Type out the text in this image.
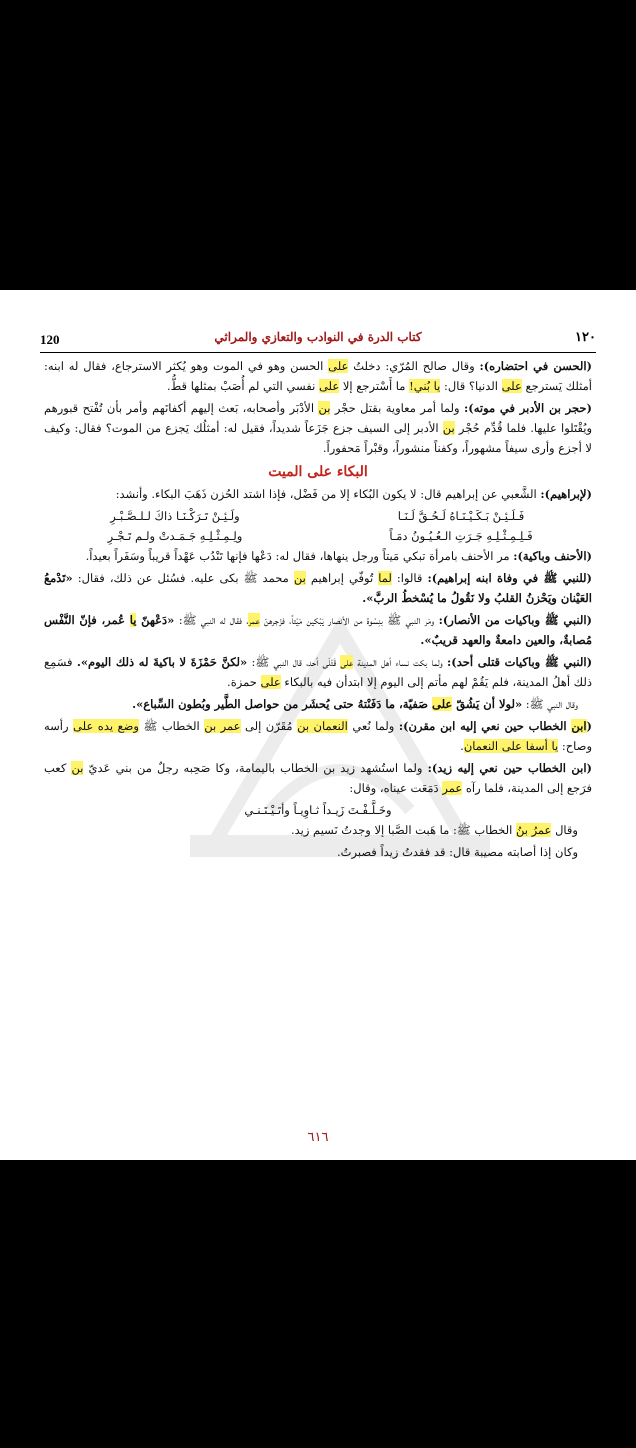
120	كتاب الدرة في النوادب والتعازي والمراثي	١٢٠

(الحسن في احتضاره): وقال صالح المُرّي: دخلتُ على الحسن وهو في الموت وهو يُكثر الاسترجاع، فقال له ابنه: أمثلك يَسترجع على الدنيا؟ قال: يا بُني! ما أَسْترجع إلا على نفسي التي لم أُصَبْ بمثلها قطُّ.

(حجر بن الأدبر في موته): ولما أمر معاوية بقتل حجْر بن الأدْبَر وأصحابه، بَعث إليهم أكفانَهم وأمر بأن تُفْتح قبورهم ويُقْتَلوا عليها. فلما قُدِّم حُجْر بن الأدبر إلى السيف جزع جَزَعاً شديداً، فقيل له: أمثلُك يَجزع من الموت؟ فقال: وكيف لا أجزع وأرى سيفاً مشهوراً، وكفناً منشوراً، وقبْراً مَحفوراً.

البكاء على الميت

(لإبراهيم): الشَّعبي عن إبراهيم قال: لا يكون البُكاء إلا من فَضْل، فإذا اشتد الحُزن ذَهَبَ البكاء. وأنشد:

فَـلَـئِـنْ بَـكَـيْـنَـاهُ لَـحُـقَّ لَـنَـا
ولَـئِـنْ تَـرَكْـنَـا ذاكَ لـلـصَّـبْـرِ
فَـلِـمِـثْـلِـهِ جَـرَتِ الـعُـيُـونُ دمَـاً
ولِـمِـثْـلِـهِ جَـمَـدتْ ولـم تَـجْـرِ

(الأحنف وباكية): مر الأحنف بامرأة تبكي مَيتاً ورجل ينهاها، فقال له: دَعْها فإنها تَنْدُب عَهْداً قريباً وسَفَراً بعيداً.

(للنبي ﷺ في وفاة ابنه إبراهيم): قالوا: لما تُوفّي إبراهيم بن محمد ﷺ بكى عليه. فسُئل عن ذلك، فقال: «تَدْمعُ العَيْنان ويَحْزنُ القلبُ ولا نَقُولُ ما يُسْخطُ الربَّ».

(النبي ﷺ وباكيات من الأنصار): ومَر النبي ﷺ بنِسْوة من الأنصار يَبْكين مَيْتاً، فزَجرهنّ عمر، فقال له النبي ﷺ: «دَعْهنّ يا عُمر، فإنّ النَّفْس مُصابةٌ، والعين دامعةٌ والعهد قريبٌ».

(النبي ﷺ وباكيات قتلى أحد): ولما بكت نساء أهل المدينة على قَتْلَى أحد، قال النبي ﷺ: «لكنَّ حَمْزَةَ لا باكيةَ له ذلك اليوم». فسَمِع ذلك أهلُ المدينة، فلم يَقُمْ لهم مأتم إلى اليوم إلا ابتدأن فيه بالبكاء على حمزة.

وقال النبي ﷺ: «لولا أن يَشُقّ على صَفيّة، ما دَفَنْتهُ حتى يُحشَر من حواصل الطَّير وبُطون السِّباع».

(ابن الخطاب حين نعي إليه ابن مقرن): ولما نُعي النعمان بن مُقَرّن إلى عمر بن الخطاب ﷺ وضع يده على رأسه وصاح: يا أسفا على النعمان.

(ابن الخطاب حين نعي إليه زيد): ولما استُشهد زيد بن الخطاب باليمامة، وكا صَحِبه رجلٌ من بني عَديّ بن كعب فرَجع إلى المدينة، فلما رآه عمر دَمَعَت عيناه، وقال:

وخَـلَّـفْـتَ زَيـداً ثـاوِيـاً وأتَـيْـتَـنـي

وقال عمرُ بنُ الخطاب ﷺ: ما هَبت الصَّبا إلا وجدتُ نَسيم زيد.

وكان إذا أصابته مصيبة قال: قد فقدتُ زيداً فصبرتُ.

٦١٦
